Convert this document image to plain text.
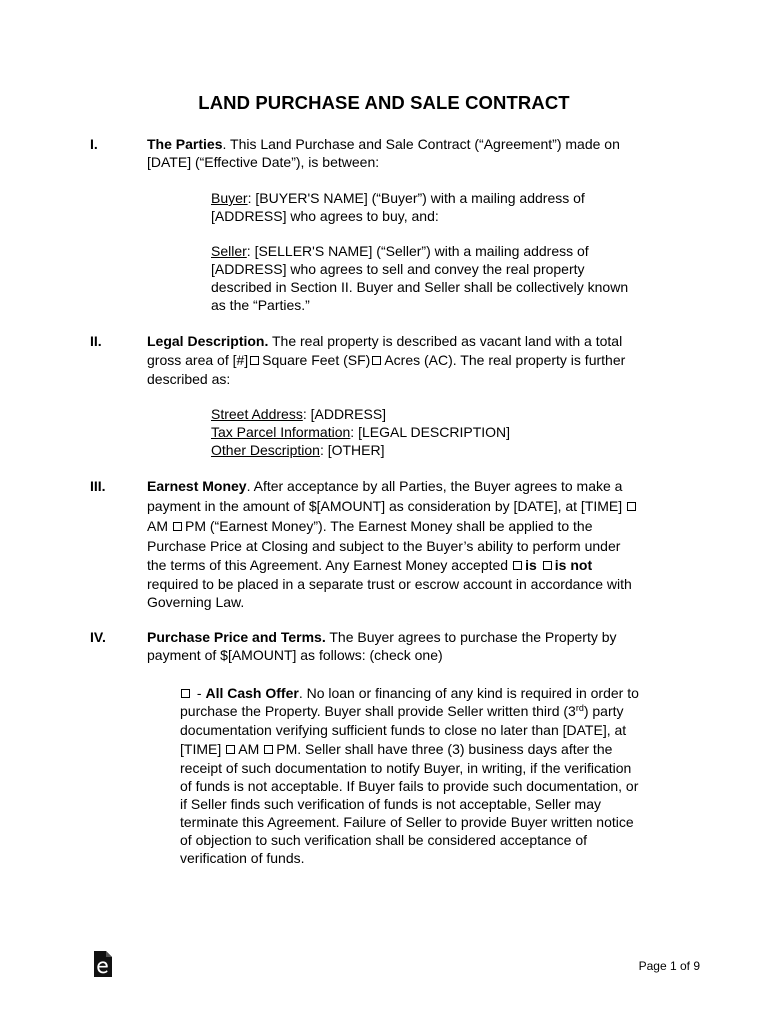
LAND PURCHASE AND SALE CONTRACT
I.	The Parties. This Land Purchase and Sale Contract (“Agreement”) made on
[DATE] (“Effective Date”), is between:
Buyer: [BUYER'S NAME] (“Buyer”) with a mailing address of
[ADDRESS] who agrees to buy, and:
Seller: [SELLER'S NAME] (“Seller”) with a mailing address of
[ADDRESS] who agrees to sell and convey the real property
described in Section II. Buyer and Seller shall be collectively known
as the “Parties.”
II.	Legal Description. The real property is described as vacant land with a total
gross area of [#] Square Feet (SF) Acres (AC). The real property is further
described as:
Street Address: [ADDRESS]
Tax Parcel Information: [LEGAL DESCRIPTION]
Other Description: [OTHER]
III.	Earnest Money. After acceptance by all Parties, the Buyer agrees to make a
payment in the amount of $[AMOUNT] as consideration by [DATE], at [TIME]
AM PM (“Earnest Money”). The Earnest Money shall be applied to the
Purchase Price at Closing and subject to the Buyer’s ability to perform under
the terms of this Agreement. Any Earnest Money accepted is is not
required to be placed in a separate trust or escrow account in accordance with
Governing Law.
IV.	Purchase Price and Terms. The Buyer agrees to purchase the Property by
payment of $[AMOUNT] as follows: (check one)
- All Cash Offer. No loan or financing of any kind is required in order to
purchase the Property. Buyer shall provide Seller written third (3rd) party
documentation verifying sufficient funds to close no later than [DATE], at
[TIME] AM PM. Seller shall have three (3) business days after the
receipt of such documentation to notify Buyer, in writing, if the verification
of funds is not acceptable. If Buyer fails to provide such documentation, or
if Seller finds such verification of funds is not acceptable, Seller may
terminate this Agreement. Failure of Seller to provide Buyer written notice
of objection to such verification shall be considered acceptance of
verification of funds.
Page 1 of 9
